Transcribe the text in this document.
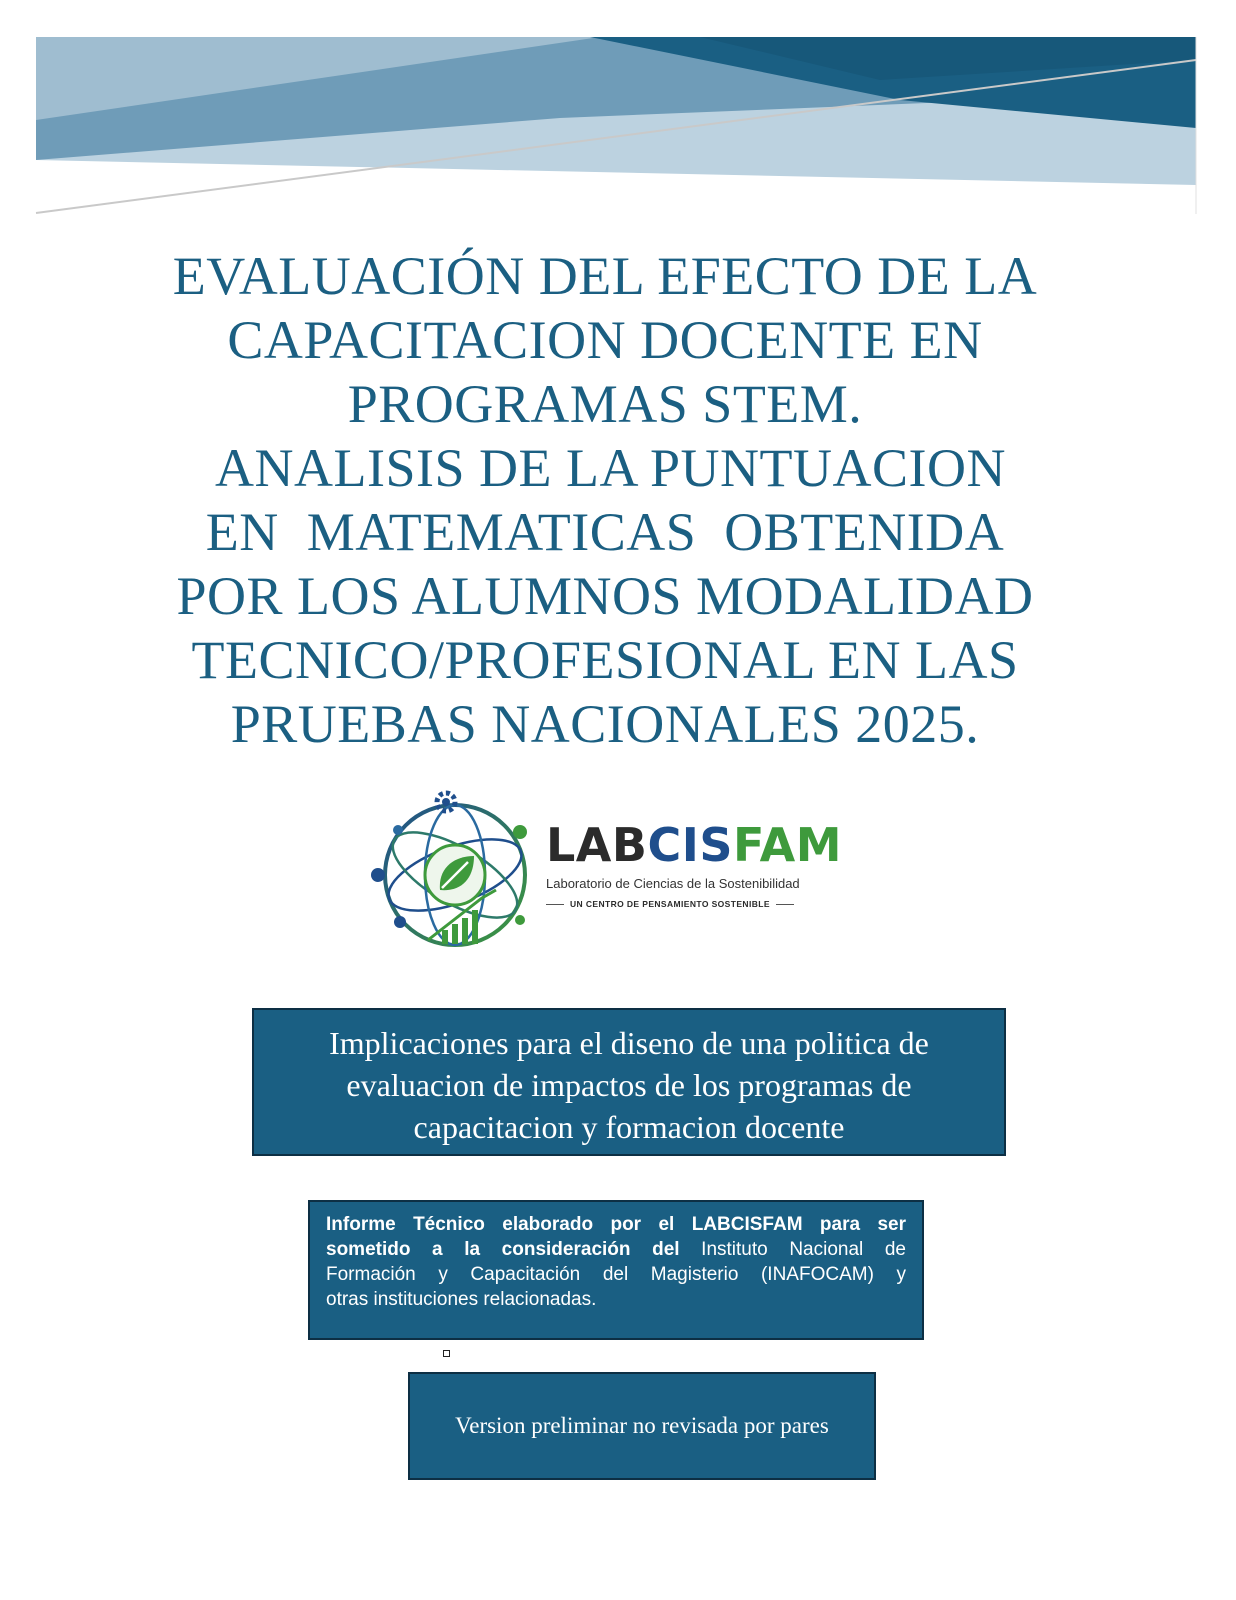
EVALUACIÓN DEL EFECTO DE LA
CAPACITACION DOCENTE EN
PROGRAMAS STEM.
ANALISIS DE LA PUNTUACION
EN  MATEMATICAS  OBTENIDA
POR LOS ALUMNOS MODALIDAD
TECNICO/PROFESIONAL EN LAS
PRUEBAS NACIONALES 2025.
LABCISFAM
Laboratorio de Ciencias de la Sostenibilidad
UN CENTRO DE PENSAMIENTO SOSTENIBLE
Implicaciones para el diseno de una politica de
evaluacion de impactos de los programas de
capacitacion y formacion docente
Informe Técnico elaborado por el LABCISFAM para ser
sometido a la consideración del Instituto Nacional de
Formación y Capacitación del Magisterio (INAFOCAM) y
otras instituciones relacionadas.
Version preliminar no revisada por pares
